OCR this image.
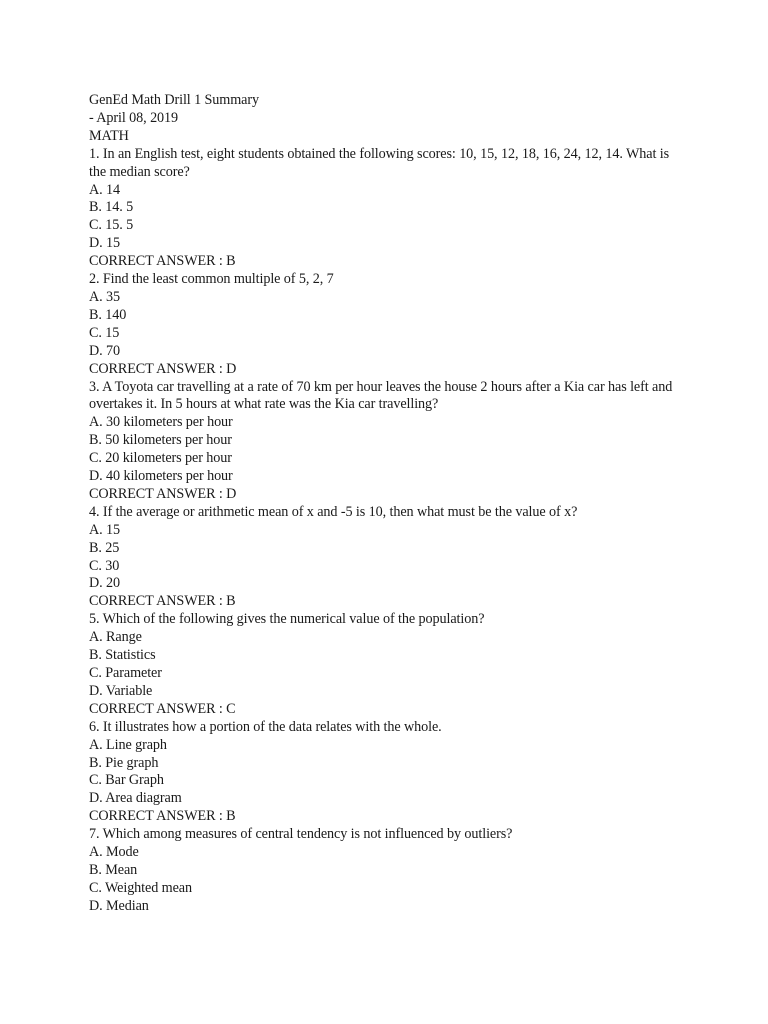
GenEd Math Drill 1 Summary

- April 08, 2019

MATH

1. In an English test, eight students obtained the following scores: 10, 15, 12, 18, 16, 24, 12, 14. What is the median score?

A. 14

B. 14. 5

C. 15. 5

D. 15

CORRECT ANSWER : B

2. Find the least common multiple of 5, 2, 7

A. 35

B. 140

C. 15

D. 70

CORRECT ANSWER : D

3. A Toyota car travelling at a rate of 70 km per hour leaves the house 2 hours after a Kia car has left and overtakes it. In 5 hours at what rate was the Kia car travelling?

A. 30 kilometers per hour

B. 50 kilometers per hour

C. 20 kilometers per hour

D. 40 kilometers per hour

CORRECT ANSWER : D

4. If the average or arithmetic mean of x and -5 is 10, then what must be the value of x?

A. 15

B. 25

C. 30

D. 20

CORRECT ANSWER : B

5. Which of the following gives the numerical value of the population?

A. Range

B. Statistics

C. Parameter

D. Variable

CORRECT ANSWER : C

6. It illustrates how a portion of the data relates with the whole.

A. Line graph

B. Pie graph

C. Bar Graph

D. Area diagram

CORRECT ANSWER : B

7. Which among measures of central tendency is not influenced by outliers?

A. Mode

B. Mean

C. Weighted mean

D. Median
